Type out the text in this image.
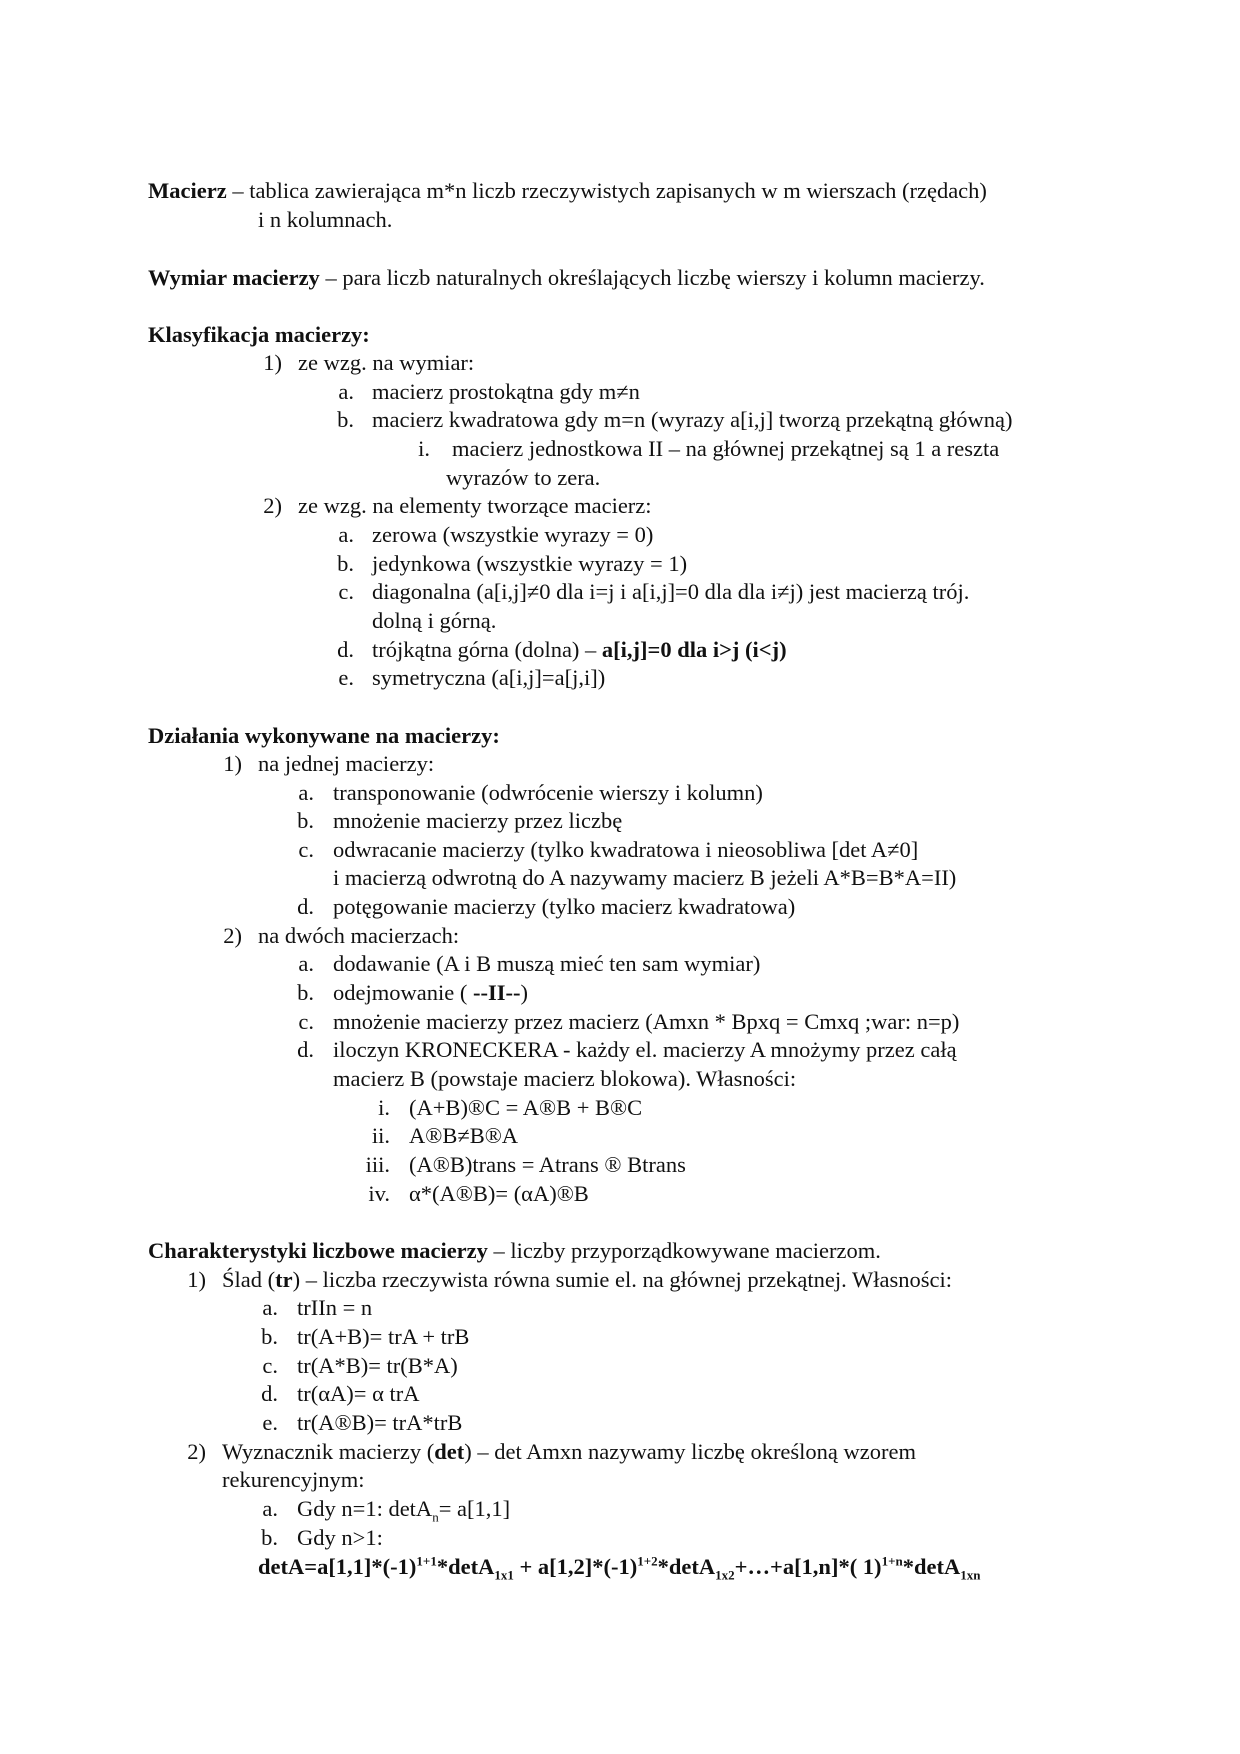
Macierz – tablica zawierająca m*n liczb rzeczywistych zapisanych w m wierszach (rzędach)
i n kolumnach.
Wymiar macierzy – para liczb naturalnych określających liczbę wierszy i kolumn macierzy.
Klasyfikacja macierzy:
1) ze wzg. na wymiar:
a. macierz prostokątna gdy m≠n
b. macierz kwadratowa gdy m=n (wyrazy a[i,j] tworzą przekątną główną)
i. macierz jednostkowa II – na głównej przekątnej są 1 a reszta
wyrazów to zera.
2) ze wzg. na elementy tworzące macierz:
a. zerowa (wszystkie wyrazy = 0)
b. jedynkowa (wszystkie wyrazy = 1)
c. diagonalna (a[i,j]≠0 dla i=j i a[i,j]=0 dla dla i≠j) jest macierzą trój.
dolną i górną.
d. trójkątna górna (dolna) – a[i,j]=0 dla i>j (i<j)
e. symetryczna (a[i,j]=a[j,i])
Działania wykonywane na macierzy:
1) na jednej macierzy:
a. transponowanie (odwrócenie wierszy i kolumn)
b. mnożenie macierzy przez liczbę
c. odwracanie macierzy (tylko kwadratowa i nieosobliwa [det A≠0]
i macierzą odwrotną do A nazywamy macierz B jeżeli A*B=B*A=II)
d. potęgowanie macierzy (tylko macierz kwadratowa)
2) na dwóch macierzach:
a. dodawanie (A i B muszą mieć ten sam wymiar)
b. odejmowanie ( --II--)
c. mnożenie macierzy przez macierz (Amxn * Bpxq = Cmxq ;war: n=p)
d. iloczyn KRONECKERA - każdy el. macierzy A mnożymy przez całą
macierz B (powstaje macierz blokowa). Własności:
i. (A+B)®C = A®B + B®C
ii. A®B≠B®A
iii. (A®B)trans = Atrans ® Btrans
iv. α*(A®B)= (αA)®B
Charakterystyki liczbowe macierzy – liczby przyporządkowywane macierzom.
1) Ślad (tr) – liczba rzeczywista równa sumie el. na głównej przekątnej. Własności:
a. trIIn = n
b. tr(A+B)= trA + trB
c. tr(A*B)= tr(B*A)
d. tr(αA)= α trA
e. tr(A®B)= trA*trB
2) Wyznacznik macierzy (det) – det Amxn nazywamy liczbę określoną wzorem
rekurencyjnym:
a. Gdy n=1: detA$_n$= a[1,1]
b. Gdy n>1:
$\det A=a[1,1]*(-1)^{1+1}*\det A_{1x1}$ + $a[1,2]*(-1)^{1+2}*\det A_{1x2}+\dots+a[1,n]*$( 1)$^{1+n}$*detA$_{1xn}$
